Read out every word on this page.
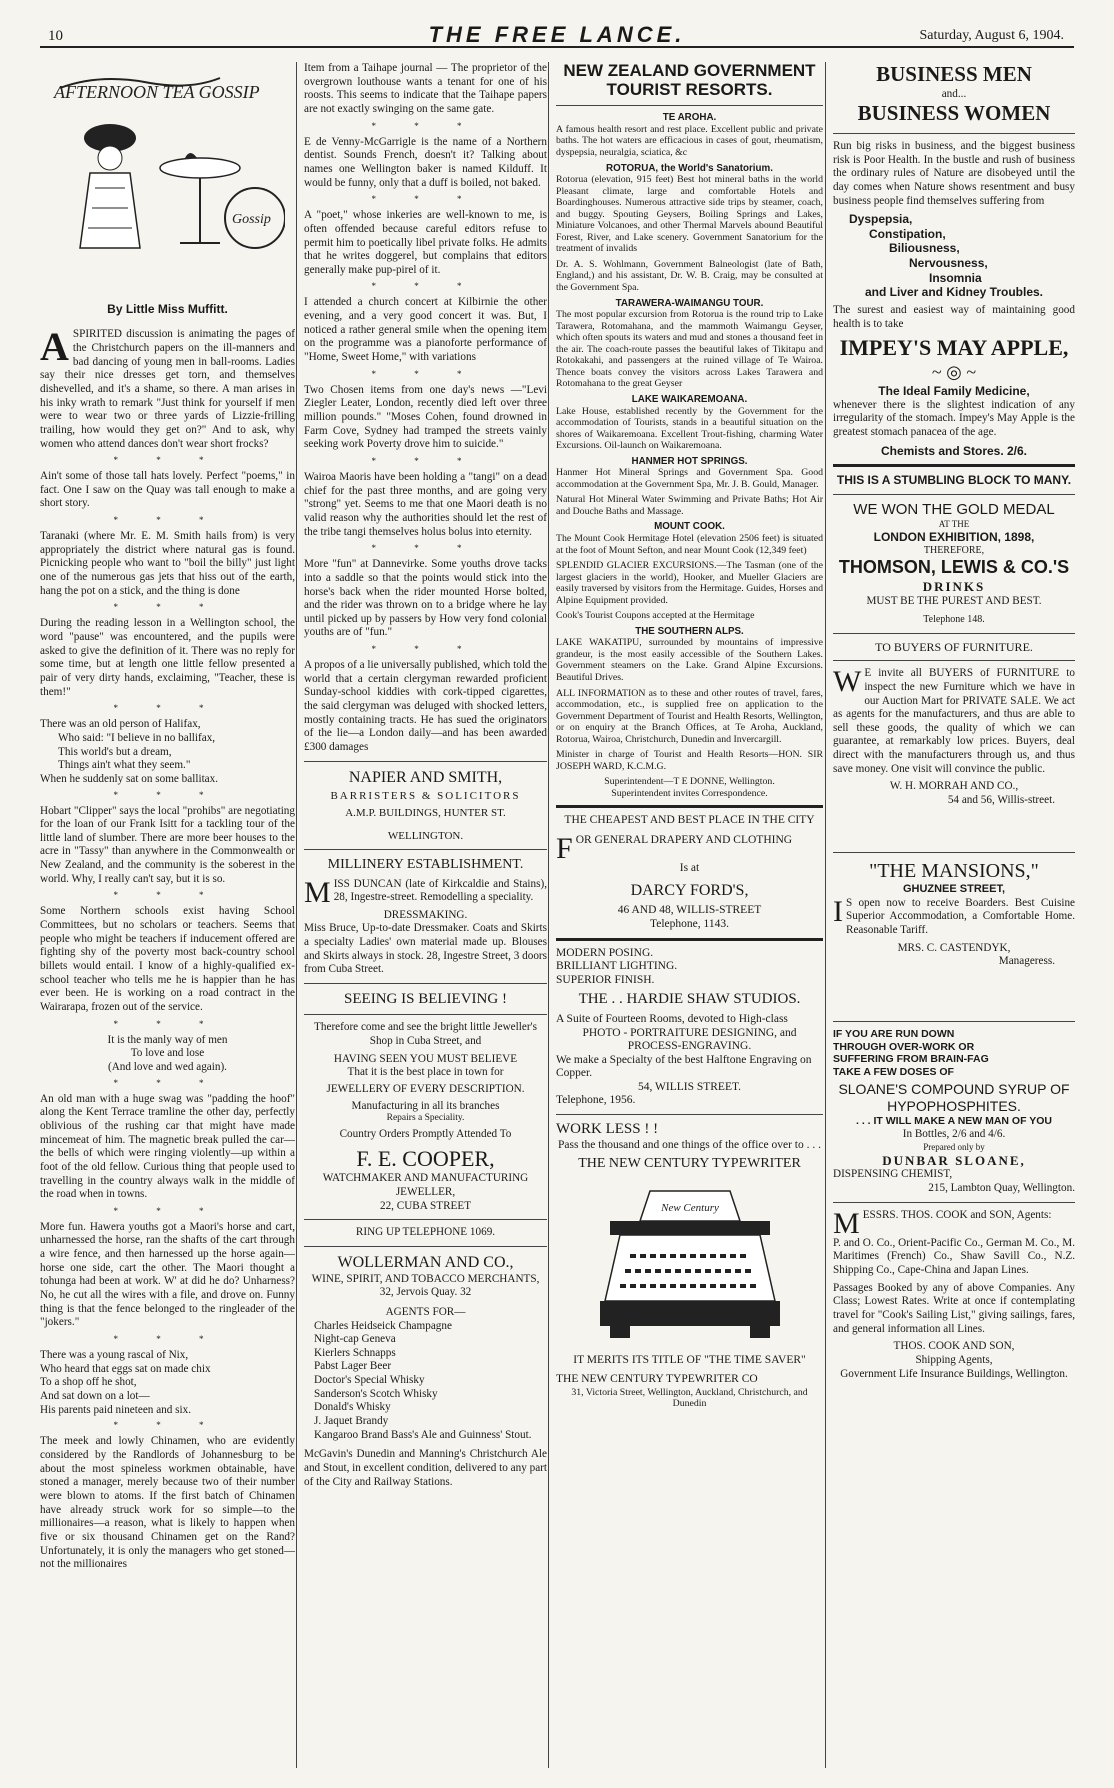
10	THE FREE LANCE.	Saturday, August 6, 1904.
AFTERNOON TEA GOSSIP
Gossip
By Little Miss Muffitt.

ASPIRITED discussion is animating the pages of the Christchurch papers on the ill-manners and bad dancing of young men in ball-rooms. Ladies say their nice dresses get torn, and themselves dishevelled, and it's a shame, so there. A man arises in his inky wrath to remark "Just think for yourself if men were to wear two or three yards of Lizzie-frilling trailing, how would they get on?" And to ask, why women who attend dances don't wear short frocks?

* * *

Ain't some of those tall hats lovely. Perfect "poems," in fact. One I saw on the Quay was tall enough to make a short story.

* * *

Taranaki (where Mr. E. M. Smith hails from) is very appropriately the district where natural gas is found. Picnicking people who want to "boil the billy" just light one of the numerous gas jets that hiss out of the earth, hang the pot on a stick, and the thing is done

* * *

During the reading lesson in a Wellington school, the word "pause" was encountered, and the pupils were asked to give the definition of it. There was no reply for some time, but at length one little fellow presented a pair of very dirty hands, exclaiming, "Teacher, these is them!"

* * *
There was an old person of Halifax,
Who said: "I believe in no ballifax,
This world's but a dream,
Things ain't what they seem."
When he suddenly sat on some ballitax.
* * *

Hobart "Clipper" says the local "prohibs" are negotiating for the loan of our Frank Isitt for a tackling tour of the little land of slumber. There are more beer houses to the acre in "Tassy" than anywhere in the Commonwealth or New Zealand, and the community is the soberest in the world. Why, I really can't say, but it is so.

* * *

Some Northern schools exist having School Committees, but no scholars or teachers. Seems that people who might be teachers if inducement offered are fighting shy of the poverty most back-country school billets would entail. I know of a highly-qualified ex-school teacher who tells me he is happier than he has ever been. He is working on a road contract in the Wairarapa, frozen out of the service.

* * *
It is the manly way of men
To love and lose
(And love and wed again).
* * *

An old man with a huge swag was "padding the hoof" along the Kent Terrace tramline the other day, perfectly oblivious of the rushing car that might have made mincemeat of him. The magnetic break pulled the car—the bells of which were ringing violently—up within a foot of the old fellow. Curious thing that people used to travelling in the country always walk in the middle of the road when in towns.

* * *

More fun. Hawera youths got a Maori's horse and cart, unharnessed the horse, ran the shafts of the cart through a wire fence, and then harnessed up the horse again—horse one side, cart the other. The Maori thought a tohunga had been at work. W' at did he do? Unharness? No, he cut all the wires with a file, and drove on. Funny thing is that the fence belonged to the ringleader of the "jokers."

* * *
There was a young rascal of Nix,
Who heard that eggs sat on made chix
To a shop off he shot,
And sat down on a lot—
His parents paid nineteen and six.
* * *

The meek and lowly Chinamen, who are evidently considered by the Randlords of Johannesburg to be about the most spineless workmen obtainable, have stoned a manager, merely because two of their number were blown to atoms. If the first batch of Chinamen have already struck work for so simple—to the millionaires—a reason, what is likely to happen when five or six thousand Chinamen get on the Rand? Unfortunately, it is only the managers who get stoned—not the millionaires

Item from a Taihape journal — The proprietor of the overgrown louthouse wants a tenant for one of his roosts. This seems to indicate that the Taihape papers are not exactly swinging on the same gate.

* * *

E de Venny-McGarrigle is the name of a Northern dentist. Sounds French, doesn't it? Talking about names one Wellington baker is named Kilduff. It would be funny, only that a duff is boiled, not baked.

* * *

A "poet," whose inkeries are well-known to me, is often offended because careful editors refuse to permit him to poetically libel private folks. He admits that he writes doggerel, but complains that editors generally make pup-pirel of it.

* * *

I attended a church concert at Kilbirnie the other evening, and a very good concert it was. But, I noticed a rather general smile when the opening item on the programme was a pianoforte performance of "Home, Sweet Home," with variations

* * *

Two Chosen items from one day's news —"Levi Ziegler Leater, London, recently died left over three million pounds." "Moses Cohen, found drowned in Farm Cove, Sydney had tramped the streets vainly seeking work Poverty drove him to suicide."

* * *

Wairoa Maoris have been holding a "tangi" on a dead chief for the past three months, and are going very "strong" yet. Seems to me that one Maori death is no valid reason why the authorities should let the rest of the tribe tangi themselves holus bolus into eternity.

* * *

More "fun" at Dannevirke. Some youths drove tacks into a saddle so that the points would stick into the horse's back when the rider mounted Horse bolted, and the rider was thrown on to a bridge where he lay until picked up by passers by How very fond colonial youths are of "fun."

* * *

A propos of a lie universally published, which told the world that a certain clergyman rewarded proficient Sunday-school kiddies with cork-tipped cigarettes, the said clergyman was deluged with shocked letters, mostly containing tracts. He has sued the originators of the lie—a London daily—and has been awarded £300 damages

NAPIER AND SMITH,
BARRISTERS & SOLICITORS
A.M.P. BUILDINGS, HUNTER ST.
WELLINGTON.
MILLINERY ESTABLISHMENT.

MISS DUNCAN (late of Kirkcaldie and Stains), 28, Ingestre-street. Remodelling a speciality.

DRESSMAKING.

Miss Bruce, Up-to-date Dressmaker. Coats and Skirts a specialty Ladies' own material made up. Blouses and Skirts always in stock. 28, Ingestre Street, 3 doors from Cuba Street.

SEEING IS BELIEVING !
Therefore come and see the bright little Jeweller's Shop in Cuba Street, and
HAVING SEEN YOU MUST BELIEVE
That it is the best place in town for
JEWELLERY OF EVERY DESCRIPTION.
Manufacturing in all its branches
Repairs a Speciality.
Country Orders Promptly Attended To
F. E. COOPER,
WATCHMAKER AND MANUFACTURING JEWELLER,
22, CUBA STREET
RING UP TELEPHONE 1069.
WOLLERMAN AND CO.,
WINE, SPIRIT, AND TOBACCO MERCHANTS,
32, Jervois Quay. 32
AGENTS FOR—
Charles Heidseick Champagne
Night-cap Geneva
Kierlers Schnapps
Pabst Lager Beer
Doctor's Special Whisky
Sanderson's Scotch Whisky
Donald's Whisky
J. Jaquet Brandy
Kangaroo Brand Bass's Ale and Guinness' Stout.

McGavin's Dunedin and Manning's Christchurch Ale and Stout, in excellent condition, delivered to any part of the City and Railway Stations.

NEW ZEALAND GOVERNMENT TOURIST RESORTS.
TE AROHA.

A famous health resort and rest place. Excellent public and private baths. The hot waters are efficacious in cases of gout, rheumatism, dyspepsia, neuralgia, sciatica, &c

ROTORUA, the World's Sanatorium.

Rotorua (elevation, 915 feet) Best hot mineral baths in the world Pleasant climate, large and comfortable Hotels and Boardinghouses. Numerous attractive side trips by steamer, coach, and buggy. Spouting Geysers, Boiling Springs and Lakes, Miniature Volcanoes, and other Thermal Marvels abound Beautiful Forest, River, and Lake scenery. Government Sanatorium for the treatment of invalids

Dr. A. S. Wohlmann, Government Balneologist (late of Bath, England,) and his assistant, Dr. W. B. Craig, may be consulted at the Government Spa.

TARAWERA-WAIMANGU TOUR.

The most popular excursion from Rotorua is the round trip to Lake Tarawera, Rotomahana, and the mammoth Waimangu Geyser, which often spouts its waters and mud and stones a thousand feet in the air. The coach-route passes the beautiful lakes of Tikitapu and Rotokakahi, and passengers at the ruined village of Te Wairoa. Thence boats convey the visitors across Lakes Tarawera and Rotomahana to the great Geyser

LAKE WAIKAREMOANA.

Lake House, established recently by the Government for the accommodation of Tourists, stands in a beautiful situation on the shores of Waikaremoana. Excellent Trout-fishing, charming Water Excursions. Oil-launch on Waikaremoana.

HANMER HOT SPRINGS.

Hanmer Hot Mineral Springs and Government Spa. Good accommodation at the Government Spa, Mr. J. B. Gould, Manager.

Natural Hot Mineral Water Swimming and Private Baths; Hot Air and Douche Baths and Massage.

MOUNT COOK.

The Mount Cook Hermitage Hotel (elevation 2506 feet) is situated at the foot of Mount Sefton, and near Mount Cook (12,349 feet)

SPLENDID GLACIER EXCURSIONS.—The Tasman (one of the largest glaciers in the world), Hooker, and Mueller Glaciers are easily traversed by visitors from the Hermitage. Guides, Horses and Alpine Equipment provided.

Cook's Tourist Coupons accepted at the Hermitage

THE SOUTHERN ALPS.

LAKE WAKATIPU, surrounded by mountains of impressive grandeur, is the most easily accessible of the Southern Lakes. Government steamers on the Lake. Grand Alpine Excursions. Beautiful Drives.

ALL INFORMATION as to these and other routes of travel, fares, accommodation, etc., is supplied free on application to the Government Department of Tourist and Health Resorts, Wellington, or on enquiry at the Branch Offices, at Te Aroha, Auckland, Rotorua, Wairoa, Christchurch, Dunedin and Invercargill.

Minister in charge of Tourist and Health Resorts—HON. SIR JOSEPH WARD, K.C.M.G.

Superintendent—T E DONNE, Wellington.
Superintendent invites Correspondence.
THE CHEAPEST AND BEST PLACE IN THE CITY

FOR GENERAL DRAPERY AND CLOTHING

Is at
DARCY FORD'S,
46 AND 48, WILLIS-STREET
Telephone, 1143.
MODERN POSING.
BRILLIANT LIGHTING.
SUPERIOR FINISH.
THE . . HARDIE SHAW STUDIOS.
A Suite of Fourteen Rooms, devoted to High-class
PHOTO - PORTRAITURE DESIGNING, and PROCESS-ENGRAVING.
We make a Specialty of the best Halftone Engraving on Copper.
54, WILLIS STREET.
Telephone, 1956.
WORK LESS ! !
Pass the thousand and one things of the office over to . . .
THE NEW CENTURY TYPEWRITER
New Century
IT MERITS ITS TITLE OF "THE TIME SAVER"
THE NEW CENTURY TYPEWRITER CO
31, Victoria Street, Wellington, Auckland, Christchurch, and Dunedin
BUSINESS MEN
and...
BUSINESS WOMEN

Run big risks in business, and the biggest business risk is Poor Health. In the bustle and rush of business the ordinary rules of Nature are disobeyed until the day comes when Nature shows resentment and busy business people find themselves suffering from

Dyspepsia,
Constipation,
Biliousness,
Nervousness,
Insomnia
and Liver and Kidney Troubles.

The surest and easiest way of maintaining good health is to take

IMPEY'S MAY APPLE,
~ ◎ ~
The Ideal Family Medicine,

whenever there is the slightest indication of any irregularity of the stomach. Impey's May Apple is the greatest stomach panacea of the age.

Chemists and Stores. 2/6.
THIS IS A STUMBLING BLOCK TO MANY.
WE WON THE GOLD MEDAL
AT THE
LONDON EXHIBITION, 1898,
THEREFORE,
THOMSON, LEWIS & CO.'S
DRINKS
MUST BE THE PUREST AND BEST.
Telephone 148.
TO BUYERS OF FURNITURE.

W E invite all BUYERS of FURNITURE to inspect the new Furniture which we have in our Auction Mart for PRIVATE SALE. We act as agents for the manufacturers, and thus are able to sell these goods, the quality of which we can guarantee, at remarkably low prices. Buyers, deal direct with the manufacturers through us, and thus save money. One visit will convince the public.

W. H. MORRAH AND CO.,
54 and 56, Willis-street.
"THE MANSIONS,"
GHUZNEE STREET,

I S open now to receive Boarders. Best Cuisine Superior Accommodation, a Comfortable Home. Reasonable Tariff.

MRS. C. CASTENDYK,
Manageress.
IF YOU ARE RUN DOWN
THROUGH OVER-WORK OR
SUFFERING FROM BRAIN-FAG
TAKE A FEW DOSES OF
SLOANE'S COMPOUND SYRUP OF HYPOPHOSPHITES.
. . . IT WILL MAKE A NEW MAN OF YOU
In Bottles, 2/6 and 4/6.
Prepared only by
DUNBAR SLOANE,
DISPENSING CHEMIST,
215, Lambton Quay, Wellington.

MESSRS. THOS. COOK and SON, Agents:

P. and O. Co., Orient-Pacific Co., German M. Co., M. Maritimes (French) Co., Shaw Savill Co., N.Z. Shipping Co., Cape-China and Japan Lines.

Passages Booked by any of above Companies. Any Class; Lowest Rates. Write at once if contemplating travel for "Cook's Sailing List," giving sailings, fares, and general information all Lines.

THOS. COOK AND SON,
Shipping Agents,
Government Life Insurance Buildings, Wellington.
